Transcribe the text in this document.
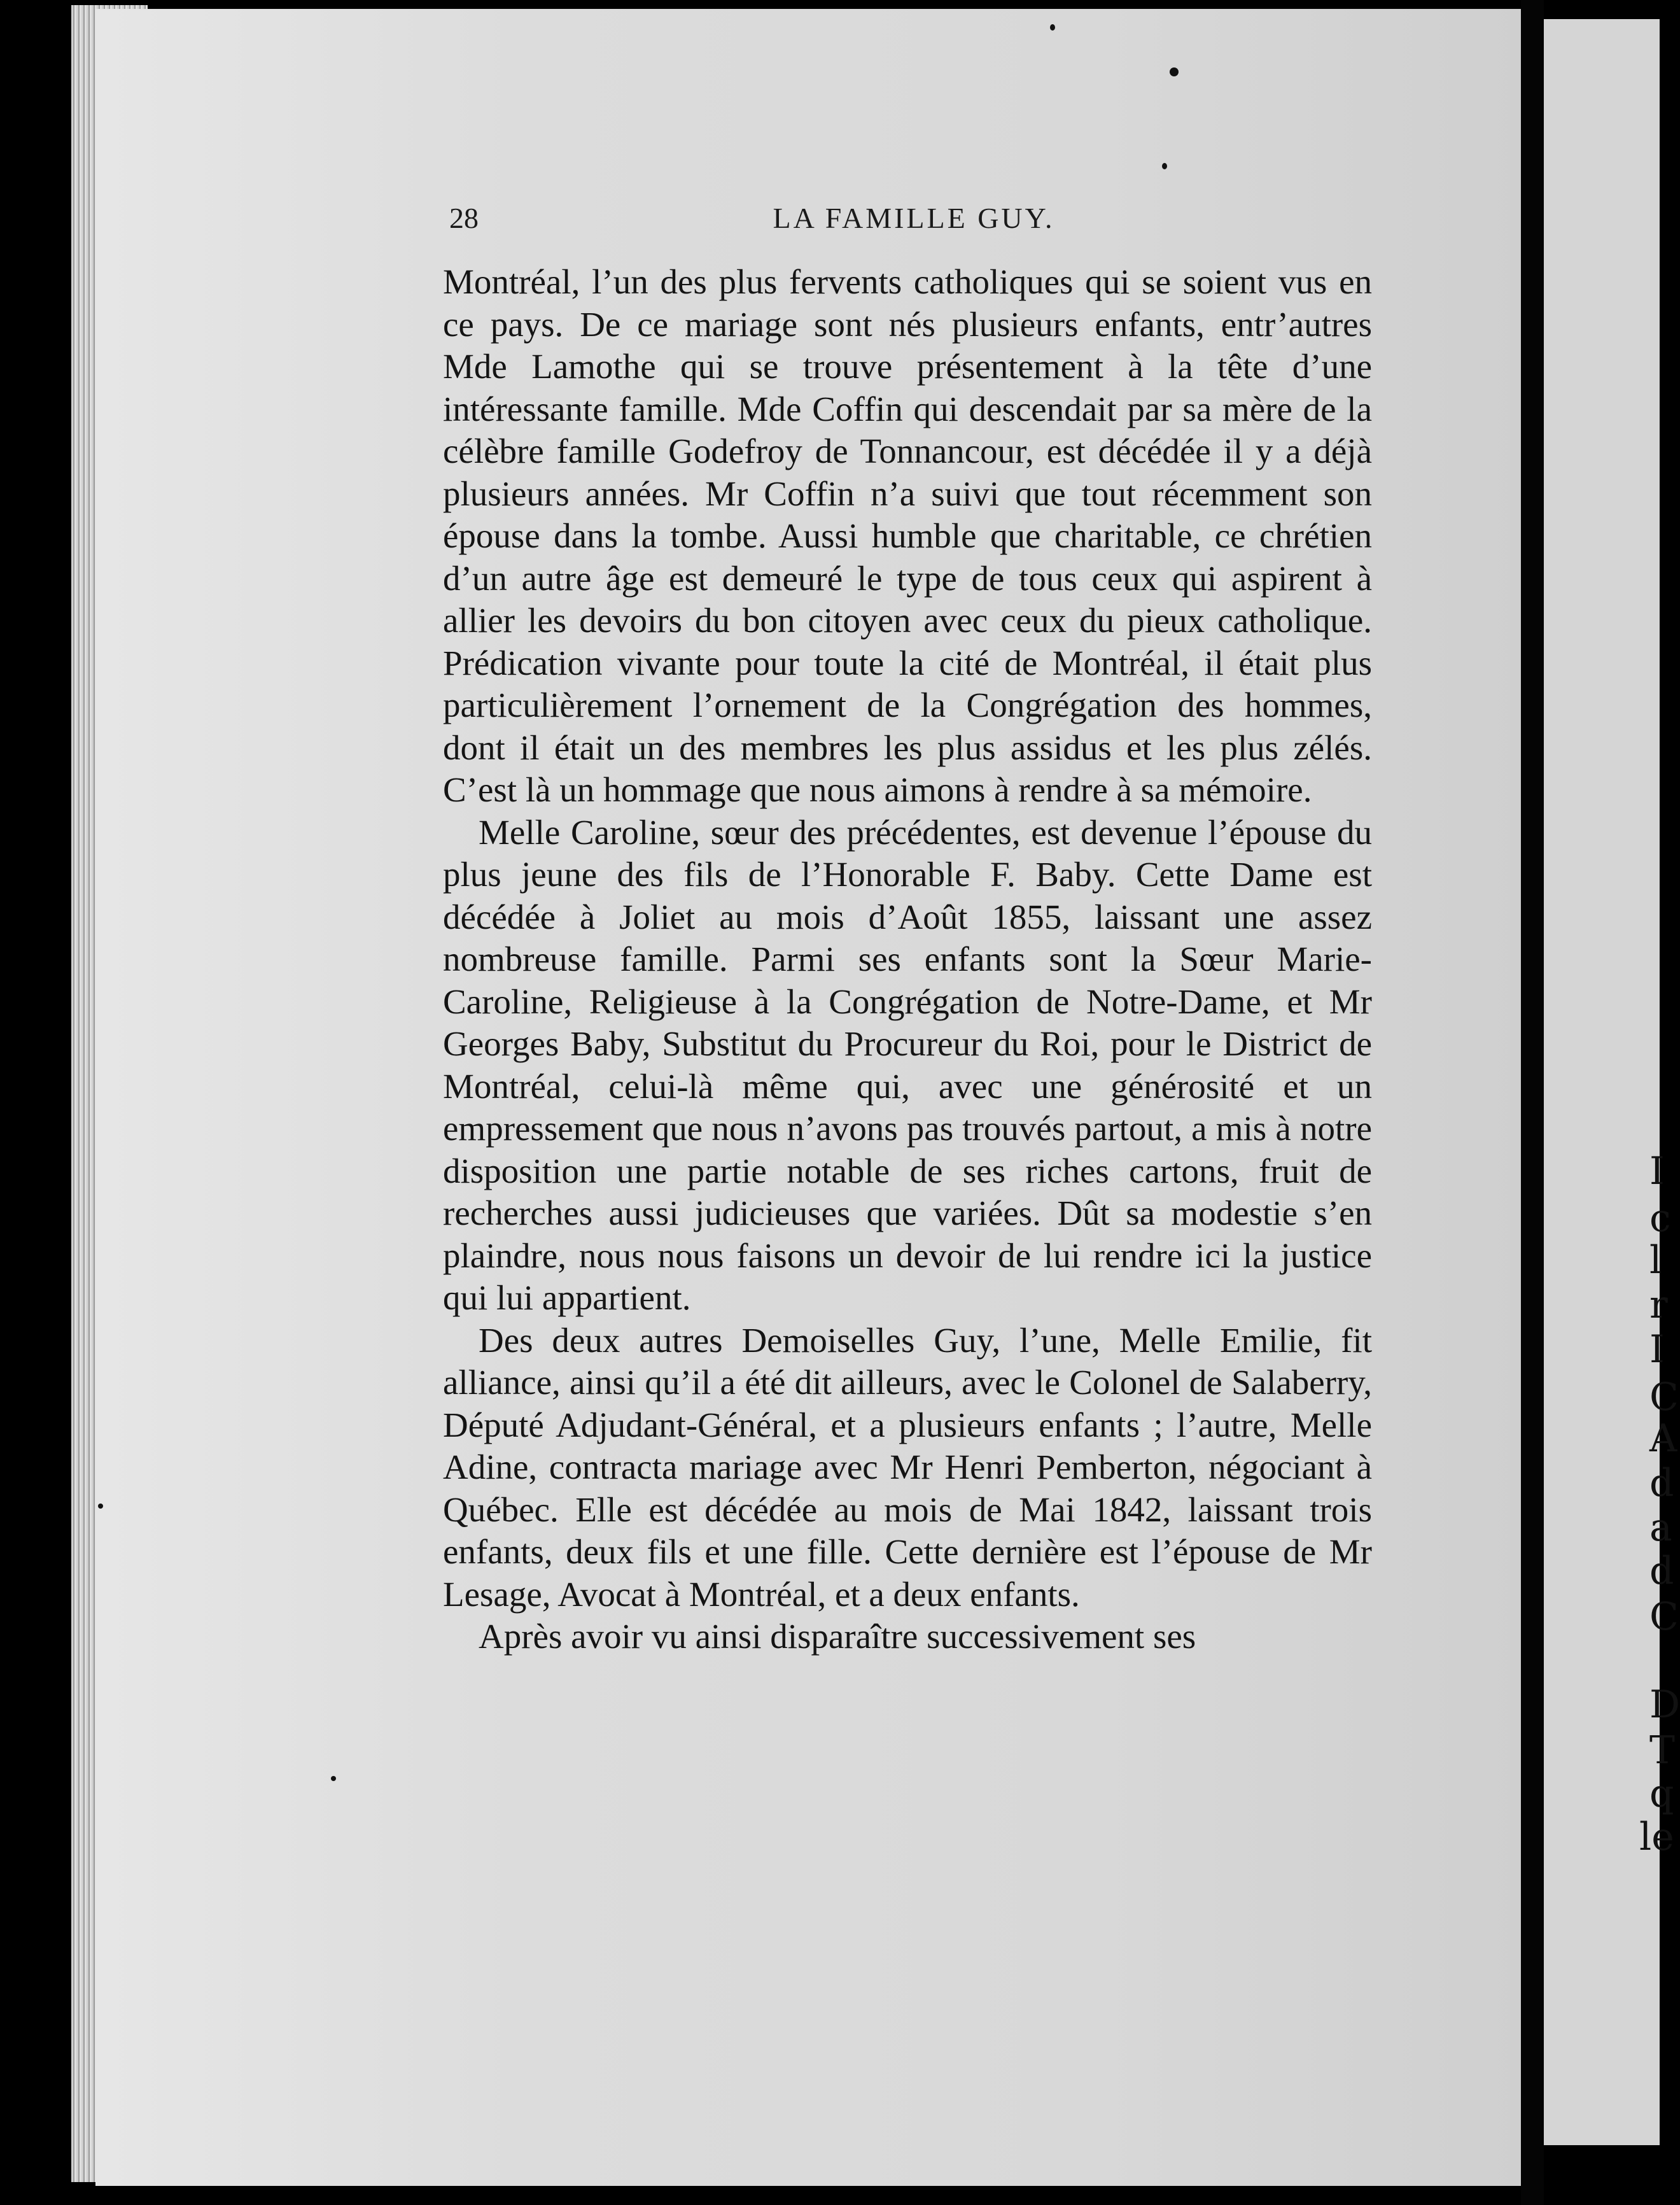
I
c
l
r
I
C
A
d
a
d
C
D
T
q
le
28	LA FAMILLE GUY.

Montréal, l’un des plus fervents catholiques qui se soient vus en ce pays. De ce mariage sont nés plusieurs enfants, entr’autres Mde Lamothe qui se trouve présentement à la tête d’une intéressante famille. Mde Coffin qui descendait par sa mère de la célèbre famille Godefroy de Tonnancour, est décédée il y a déjà plusieurs années. Mr Coffin n’a suivi que tout récemment son épouse dans la tombe. Aussi humble que charitable, ce chrétien d’un autre âge est demeuré le type de tous ceux qui aspirent à allier les devoirs du bon citoyen avec ceux du pieux catholique. Prédication vivante pour toute la cité de Montréal, il était plus particulièrement l’ornement de la Congrégation des hommes, dont il était un des membres les plus assidus et les plus zélés. C’est là un hommage que nous aimons à rendre à sa mémoire.

Melle Caroline, sœur des précédentes, est devenue l’épouse du plus jeune des fils de l’Honorable F. Baby. Cette Dame est décédée à Joliet au mois d’Août 1855, laissant une assez nombreuse famille. Parmi ses enfants sont la Sœur Marie-Caroline, Religieuse à la Congrégation de Notre-Dame, et Mr Georges Baby, Substitut du Procureur du Roi, pour le District de Montréal, celui-là même qui, avec une générosité et un empressement que nous n’avons pas trouvés partout, a mis à notre disposition une partie notable de ses riches cartons, fruit de recherches aussi judicieuses que variées. Dût sa modestie s’en plaindre, nous nous faisons un devoir de lui rendre ici la justice qui lui appartient.

Des deux autres Demoiselles Guy, l’une, Melle Emilie, fit alliance, ainsi qu’il a été dit ailleurs, avec le Colonel de Salaberry, Député Adjudant-Général, et a plusieurs enfants ; l’autre, Melle Adine, contracta mariage avec Mr Henri Pemberton, négociant à Québec. Elle est décédée au mois de Mai 1842, laissant trois enfants, deux fils et une fille. Cette dernière est l’épouse de Mr Lesage, Avocat à Montréal, et a deux enfants.

Après avoir vu ainsi disparaître successivement ses
